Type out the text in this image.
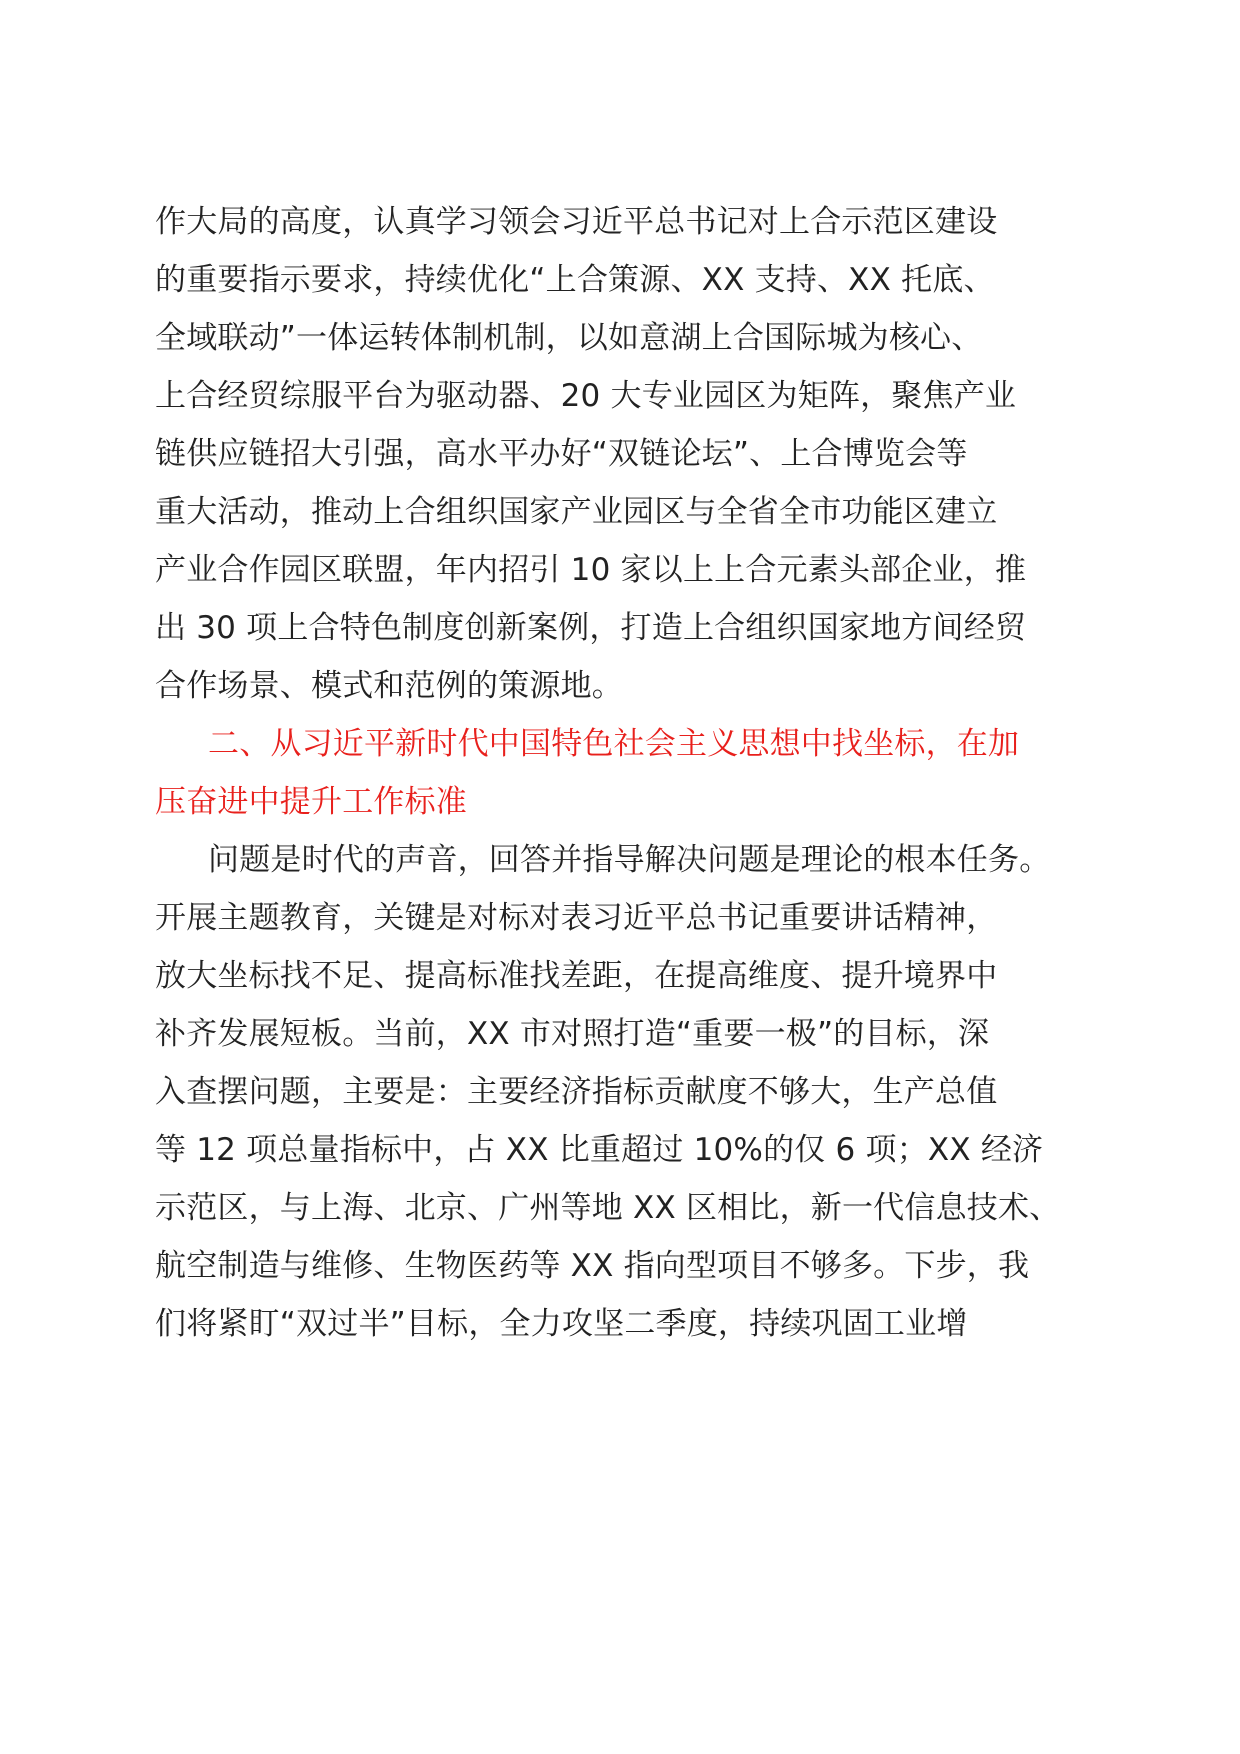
作大局的高度，认真学习领会习近平总书记对上合示范区建设

的重要指示要求，持续优化“上合策源、XX 支持、XX 托底、

全域联动”一体运转体制机制，以如意湖上合国际城为核心、

上合经贸综服平台为驱动器、20 大专业园区为矩阵，聚焦产业

链供应链招大引强，高水平办好“双链论坛”、上合博览会等

重大活动，推动上合组织国家产业园区与全省全市功能区建立

产业合作园区联盟，年内招引 10 家以上上合元素头部企业，推

出 30 项上合特色制度创新案例，打造上合组织国家地方间经贸

合作场景、模式和范例的策源地。

二、从习近平新时代中国特色社会主义思想中找坐标，在加

压奋进中提升工作标准

问题是时代的声音，回答并指导解决问题是理论的根本任务。

开展主题教育，关键是对标对表习近平总书记重要讲话精神，

放大坐标找不足、提高标准找差距，在提高维度、提升境界中

补齐发展短板。当前，XX 市对照打造“重要一极”的目标，深

入查摆问题，主要是：主要经济指标贡献度不够大，生产总值

等 12 项总量指标中，占 XX 比重超过 10%的仅 6 项；XX 经济

示范区，与上海、北京、广州等地 XX 区相比，新一代信息技术、

航空制造与维修、生物医药等 XX 指向型项目不够多。下步，我

们将紧盯“双过半”目标，全力攻坚二季度，持续巩固工业增
